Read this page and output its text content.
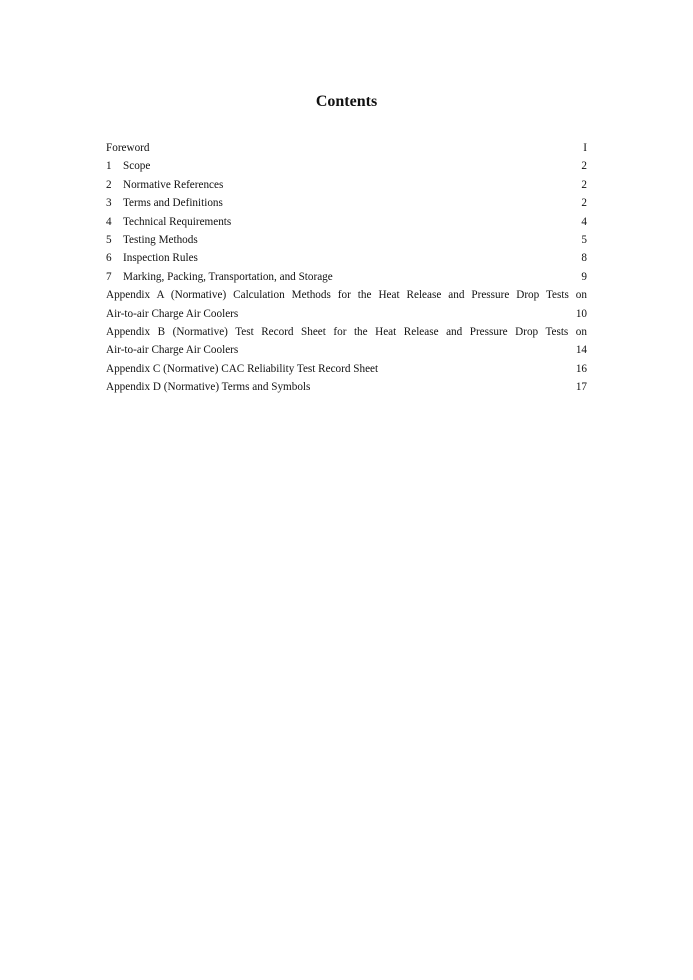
Contents
Foreword	I
1	Scope	2
2	Normative References	2
3	Terms and Definitions	2
4	Technical Requirements	4
5	Testing Methods	5
6	Inspection Rules	8
7	Marking, Packing, Transportation, and Storage	9
Appendix A (Normative) Calculation Methods for the Heat Release and Pressure Drop Tests on
Air-to-air Charge Air Coolers	10
Appendix B (Normative) Test Record Sheet for the Heat Release and Pressure Drop Tests on
Air-to-air Charge Air Coolers	14
Appendix C (Normative) CAC Reliability Test Record Sheet	16
Appendix D (Normative) Terms and Symbols	17
